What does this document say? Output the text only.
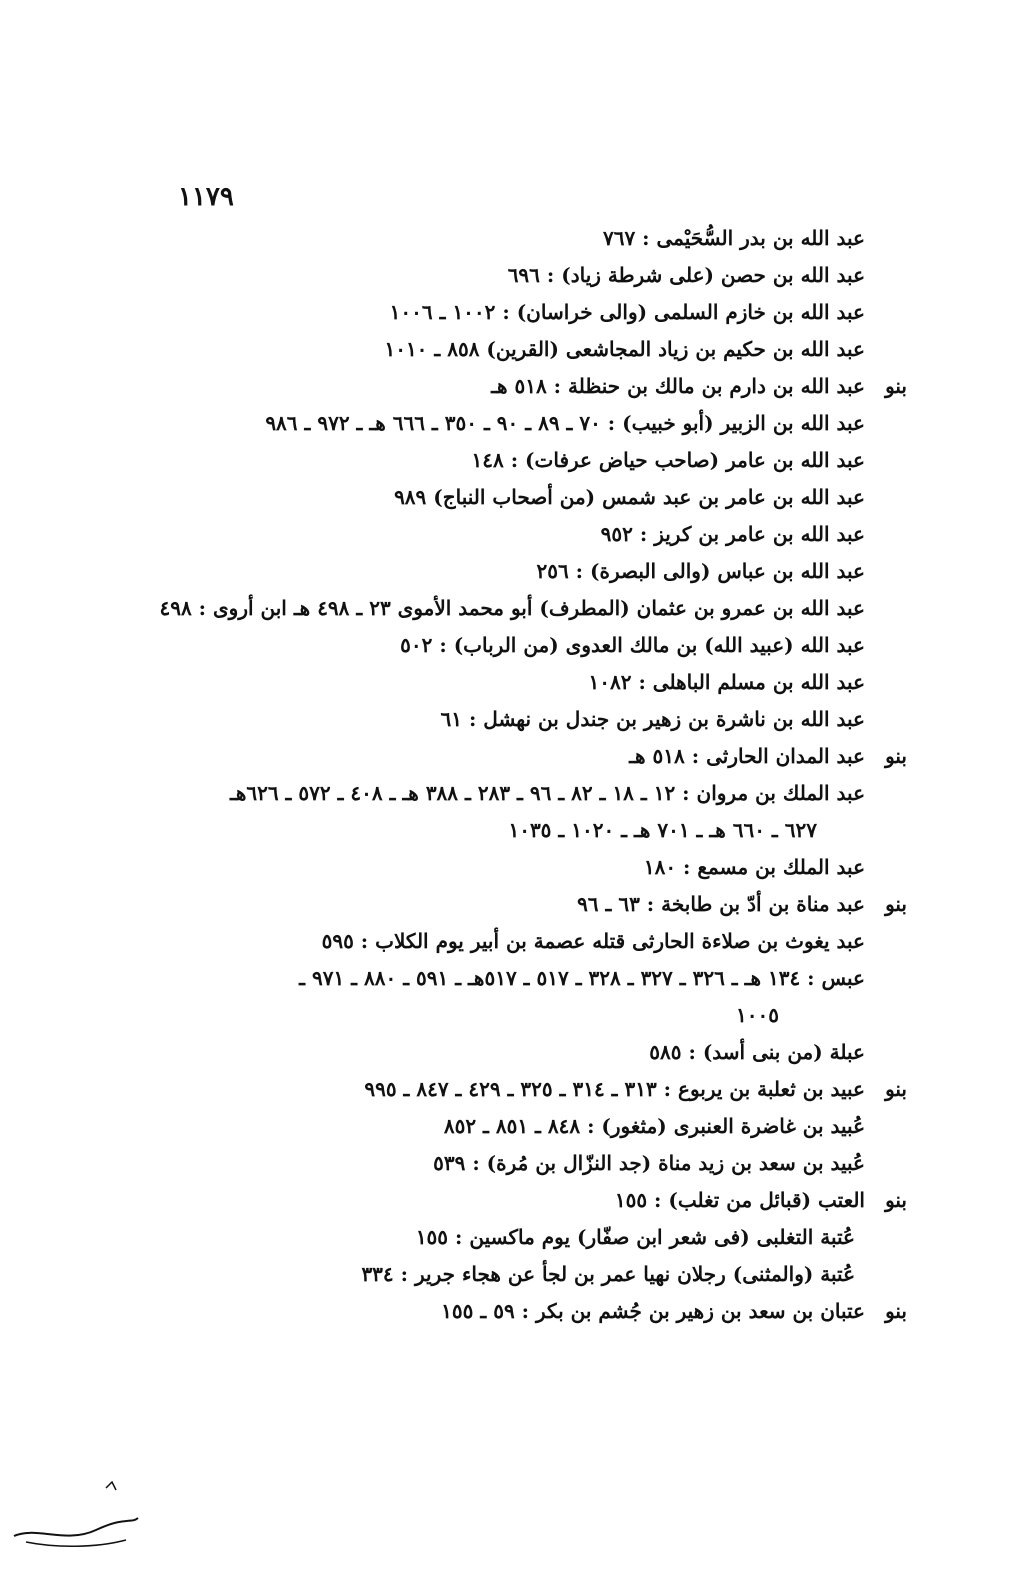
١١٧٩
عبد الله بن بدر السُّحَيْمى : ٧٦٧
عبد الله بن حصن (على شرطة زياد) : ٦٩٦
عبد الله بن خازم السلمى (والى خراسان) : ١٠٠٢ ـ ١٠٠٦
عبد الله بن حكيم بن زياد المجاشعى (القرين) ٨٥٨ ـ ١٠١٠
بنو
عبد الله بن دارم بن مالك بن حنظلة : ٥١٨ هـ
عبد الله بن الزبير (أبو خبيب) : ٧٠ ـ ٨٩ ـ ٩٠ ـ ٣٥٠ ـ ٦٦٦ هـ ـ ٩٧٢ ـ ٩٨٦
عبد الله بن عامر (صاحب حياض عرفات) : ١٤٨
عبد الله بن عامر بن عبد شمس (من أصحاب النباج) ٩٨٩
عبد الله بن عامر بن كريز : ٩٥٢
عبد الله بن عباس (والى البصرة) : ٢٥٦
عبد الله بن عمرو بن عثمان (المطرف) أبو محمد الأموى ٢٣ ـ ٤٩٨ هـ ابن أروى : ٤٩٨
عبد الله (عبيد الله) بن مالك العدوى (من الرباب) : ٥٠٢
عبد الله بن مسلم الباهلى : ١٠٨٢
عبد الله بن ناشرة بن زهير بن جندل بن نهشل : ٦١
بنو
عبد المدان الحارثى : ٥١٨ هـ
عبد الملك بن مروان : ١٢ ـ ١٨ ـ ٨٢ ـ ٩٦ ـ ٢٨٣ ـ ٣٨٨ هـ ـ ٤٠٨ ـ ٥٧٢ ـ ٦٢٦هـ
٦٢٧ ـ ٦٦٠ هـ ـ ٧٠١ هـ ـ ١٠٢٠ ـ ١٠٣٥
عبد الملك بن مسمع : ١٨٠
بنو
عبد مناة بن أدّ بن طابخة : ٦٣ ـ ٩٦
عبد يغوث بن صلاءة الحارثى قتله عصمة بن أبير يوم الكلاب : ٥٩٥
عبس : ١٣٤ هـ ـ ٣٢٦ ـ ٣٢٧ ـ ٣٢٨ ـ ٥١٧ ـ ٥١٧هـ ـ ٥٩١ ـ ٨٨٠ ـ ٩٧١ ـ
١٠٠٥
عبلة (من بنى أسد) : ٥٨٥
بنو
عبيد بن ثعلبة بن يربوع : ٣١٣ ـ ٣١٤ ـ ٣٢٥ ـ ٤٢٩ ـ ٨٤٧ ـ ٩٩٥
عُبيد بن غاضرة العنبرى (مثغور) : ٨٤٨ ـ ٨٥١ ـ ٨٥٢
عُبيد بن سعد بن زيد مناة (جد النزّال بن مُرة) : ٥٣٩
بنو
العتب (قبائل من تغلب) : ١٥٥
عُتبة التغلبى (فى شعر ابن صفّار) يوم ماكسين : ١٥٥
عُتبة (والمثنى) رجلان نهيا عمر بن لجأ عن هجاء جرير : ٣٣٤
بنو
عتبان بن سعد بن زهير بن جُشم بن بكر : ٥٩ ـ ١٥٥
